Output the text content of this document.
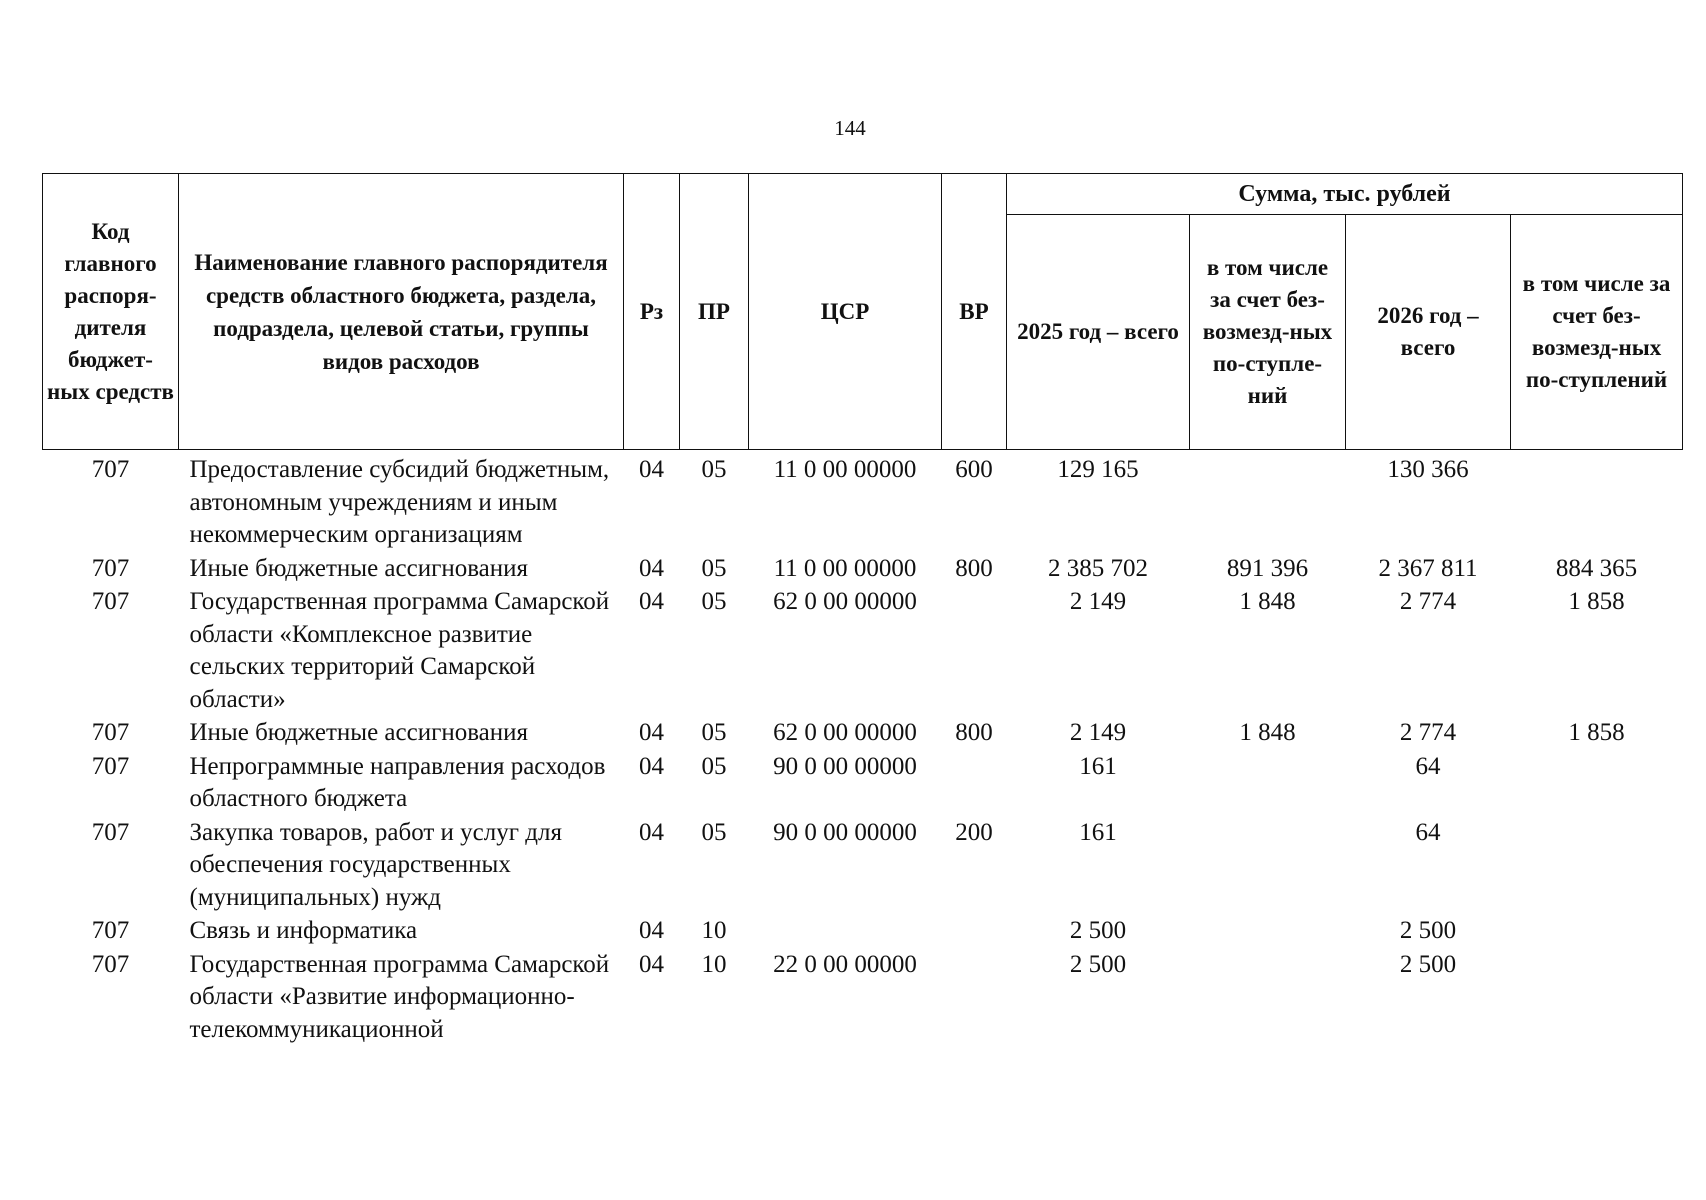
144
Код главного распоря-дителя бюджет-ных средств	Наименование главного распорядителя средств областного бюджета, раздела, подраздела, целевой статьи, группы видов расходов	Рз	ПР	ЦСР	ВР	Сумма, тыс. рублей			
						2025 год – всего	в том числе за счет без-возмезд-ных по-ступле-ний	2026 год – всего	в том числе за счет без-возмезд-ных по-ступлений
707	Предоставление субсидий бюджетным, автономным учреждениям и иным некоммерческим организациям	04	05	11 0 00 00000	600	129 165		130 366	
707	Иные бюджетные ассигнования	04	05	11 0 00 00000	800	2 385 702	891 396	2 367 811	884 365
707	Государственная программа Самарской области «Комплексное развитие сельских территорий Самарской области»	04	05	62 0 00 00000		2 149	1 848	2 774	1 858
707	Иные бюджетные ассигнования	04	05	62 0 00 00000	800	2 149	1 848	2 774	1 858
707	Непрограммные направления расходов областного бюджета	04	05	90 0 00 00000		161		64	
707	Закупка товаров, работ и услуг для обеспечения государственных (муниципальных) нужд	04	05	90 0 00 00000	200	161		64	
707	Связь и информатика	04	10			2 500		2 500	
707	Государственная программа Самарской области «Развитие информационно-телекоммуникационной	04	10	22 0 00 00000		2 500		2 500	
